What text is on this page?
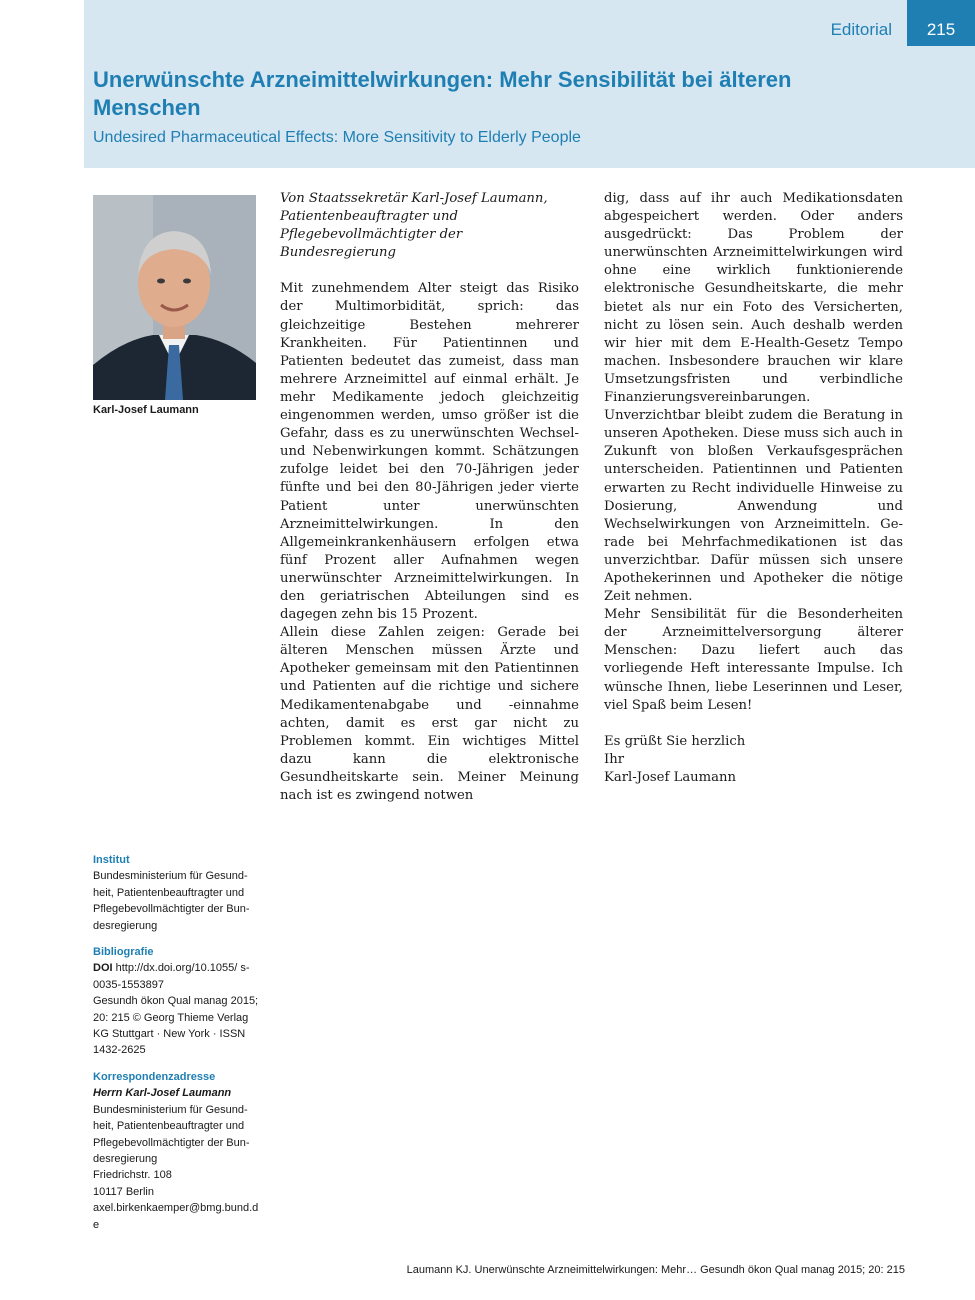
Editorial	215
Unerwünschte Arzneimittelwirkungen: Mehr Sensibilität bei älteren Menschen
Undesired Pharmaceutical Effects: More Sensitivity to Elderly People
Karl-Josef Laumann

Von Staatssekretär Karl-Josef Laumann, Patientenbeauftragter und Pflegebevollmächtigter der Bundesregierung

Mit zunehmendem Alter steigt das Risiko der Multimorbidität, sprich: das gleichzeitige Bestehen mehrerer Krankheiten. Für Patientinnen und Patienten bedeutet das zumeist, dass man mehrere Arzneimittel auf einmal erhält. Je mehr Medikamente jedoch gleichzeitig eingenommen werden, umso größer ist die Gefahr, dass es zu unerwünschten Wechsel- und Nebenwirkungen kommt. Schätzungen zufolge leidet bei den 70-Jährigen jeder fünfte und bei den 80-Jährigen jeder vierte Patient unter unerwünschten Arzneimittelwirkungen. In den Allgemeinkrankenhäusern erfolgen etwa fünf Prozent aller Aufnahmen wegen unerwünschter Arzneimittelwirkungen. In den geriatrischen Abteilungen sind es dagegen zehn bis 15 Prozent.

Allein diese Zahlen zeigen: Gerade bei älteren Menschen müssen Ärzte und Apotheker gemeinsam mit den Patientinnen und Patienten auf die richtige und sichere Medikamentenabgabe und -einnahme achten, damit es erst gar nicht zu Problemen kommt. Ein wichtiges Mittel dazu kann die elektronische Gesundheitskarte sein. Meiner Meinung nach ist es zwingend notwen

dig, dass auf ihr auch Medikationsdaten abgespeichert werden. Oder anders ausgedrückt: Das Problem der unerwünschten Arzneimittelwirkungen wird ohne eine wirklich funktionierende elektronische Gesundheitskarte, die mehr bietet als nur ein Foto des Versicherten, nicht zu lösen sein. Auch deshalb werden wir hier mit dem E-Health-Gesetz Tempo machen. Insbesondere brauchen wir klare Umsetzungsfristen und verbindliche Finanzierungsvereinbarungen.

Unverzichtbar bleibt zudem die Beratung in unseren Apotheken. Diese muss sich auch in Zukunft von bloßen Verkaufsgesprächen unterscheiden. Patientinnen und Patienten erwarten zu Recht individuelle Hinweise zu Dosierung, Anwendung und Wechselwirkungen von Arzneimitteln. Gerade bei Mehrfachmedikationen ist das unverzichtbar. Dafür müssen sich unsere Apothekerinnen und Apotheker die nötige Zeit nehmen.

Mehr Sensibilität für die Besonderheiten der Arzneimittelversorgung älterer Menschen: Dazu liefert auch das vorliegende Heft interessante Impulse. Ich wünsche Ihnen, liebe Leserinnen und Leser, viel Spaß beim Lesen!

Es grüßt Sie herzlich

Ihr

Karl-Josef Laumann

Institut
Bundesministerium für Gesundheit, Patientenbeauftragter und Pflegebevollmächtigter der Bundesregierung
Bibliografie
DOI http://dx.doi.org/10.1055/ s-0035-1553897
Gesundh ökon Qual manag 2015; 20: 215 © Georg Thieme Verlag KG Stuttgart · New York · ISSN 1432-2625
Korrespondenzadresse
Herrn Karl-Josef Laumann
Bundesministerium für Gesundheit, Patientenbeauftragter und Pflegebevollmächtigter der Bundesregierung
Friedrichstr. 108
10117 Berlin
axel.birkenkaemper@bmg.bund.de
Laumann KJ. Unerwünschte Arzneimittelwirkungen: Mehr… Gesundh ökon Qual manag 2015; 20: 215
